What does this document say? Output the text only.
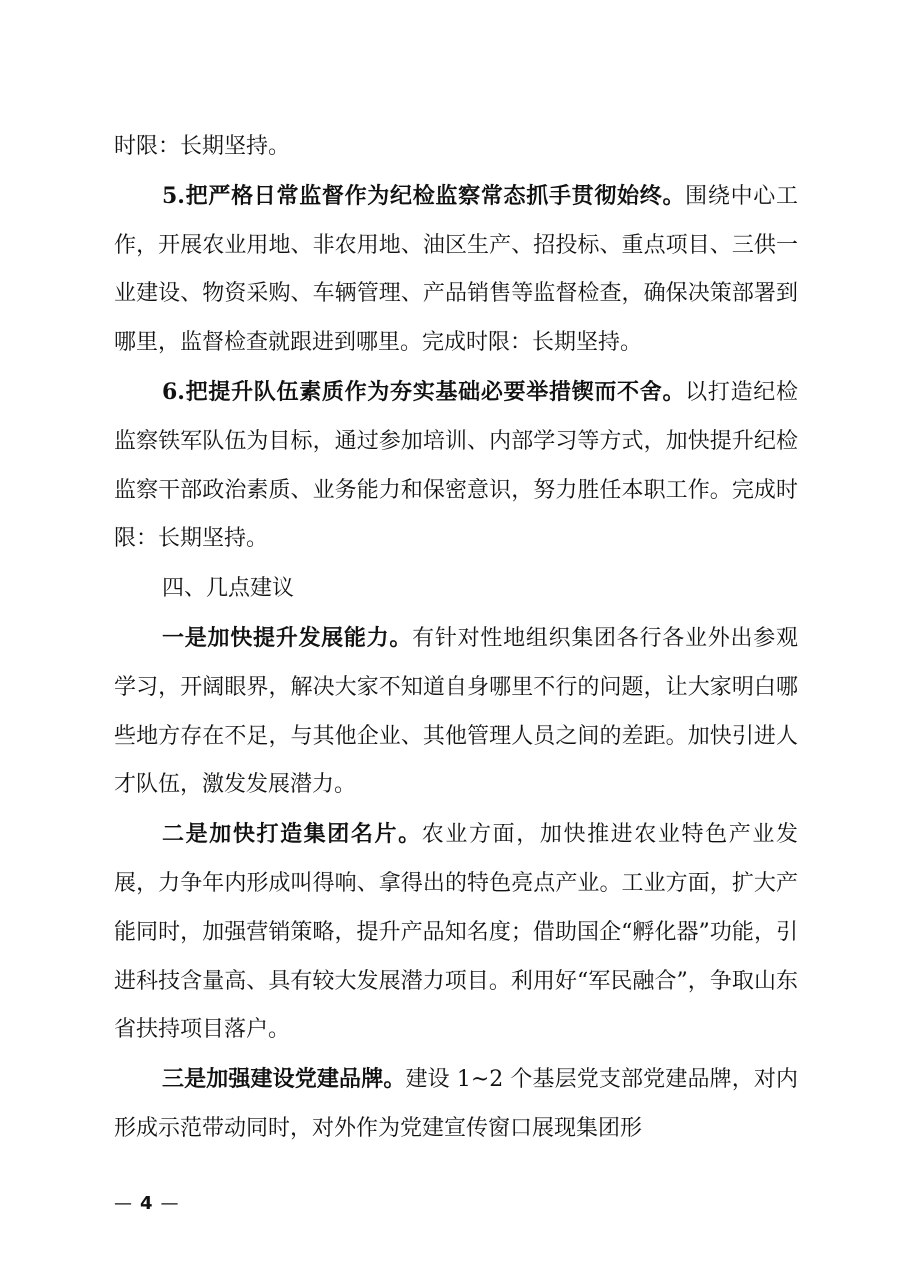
时限：长期坚持。

5.把严格日常监督作为纪检监察常态抓手贯彻始终。围绕中心工作，开展农业用地、非农用地、油区生产、招投标、重点项目、三供一业建设、物资采购、车辆管理、产品销售等监督检查，确保决策部署到哪里，监督检查就跟进到哪里。完成时限：长期坚持。

6.把提升队伍素质作为夯实基础必要举措锲而不舍。以打造纪检监察铁军队伍为目标，通过参加培训、内部学习等方式，加快提升纪检监察干部政治素质、业务能力和保密意识，努力胜任本职工作。完成时限：长期坚持。

四、几点建议

一是加快提升发展能力。有针对性地组织集团各行各业外出参观学习，开阔眼界，解决大家不知道自身哪里不行的问题，让大家明白哪些地方存在不足，与其他企业、其他管理人员之间的差距。加快引进人才队伍，激发发展潜力。

二是加快打造集团名片。农业方面，加快推进农业特色产业发展，力争年内形成叫得响、拿得出的特色亮点产业。工业方面，扩大产能同时，加强营销策略，提升产品知名度；借助国企“孵化器”功能，引进科技含量高、具有较大发展潜力项目。利用好“军民融合”，争取山东省扶持项目落户。

三是加强建设党建品牌。建设 1~2 个基层党支部党建品牌，对内形成示范带动同时，对外作为党建宣传窗口展现集团形

— 4 —
